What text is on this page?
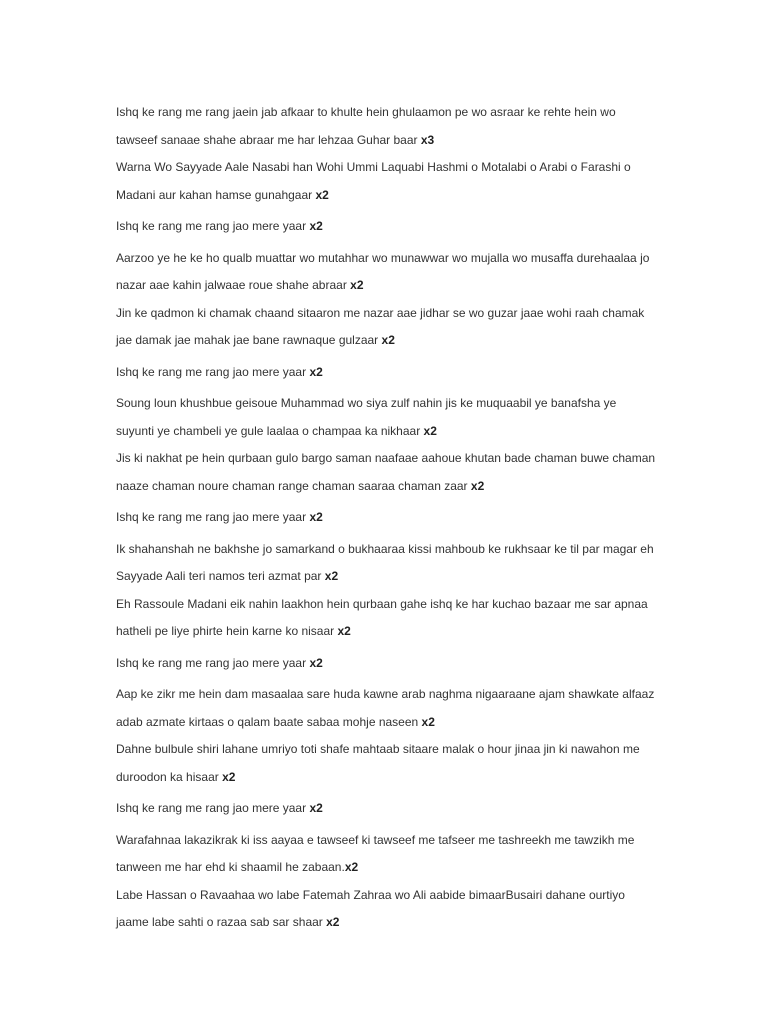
Ishq ke rang me rang jaein jab afkaar to khulte hein ghulaamon pe wo asraar ke rehte hein wo tawseef sanaae shahe abraar me har lehzaa Guhar baar x3

Warna Wo Sayyade Aale Nasabi han Wohi Ummi Laquabi Hashmi o Motalabi o Arabi o Farashi o Madani aur kahan hamse gunahgaar x2

Ishq ke rang me rang jao mere yaar x2

Aarzoo ye he ke ho qualb muattar wo mutahhar wo munawwar wo mujalla wo musaffa durehaalaa jo nazar aae kahin jalwaae roue shahe abraar x2

Jin ke qadmon ki chamak chaand sitaaron me nazar aae jidhar se wo guzar jaae wohi raah chamak jae damak jae mahak jae bane rawnaque gulzaar x2

Ishq ke rang me rang jao mere yaar x2

Soung loun khushbue geisoue Muhammad wo siya zulf nahin jis ke muquaabil ye banafsha ye suyunti ye chambeli ye gule laalaa o champaa ka nikhaar x2

Jis ki nakhat pe hein qurbaan gulo bargo saman naafaae aahoue khutan bade chaman buwe chaman naaze chaman noure chaman range chaman saaraa chaman zaar x2

Ishq ke rang me rang jao mere yaar x2

Ik shahanshah ne bakhshe jo samarkand o bukhaaraa kissi mahboub ke rukhsaar ke til par magar eh Sayyade Aali teri namos teri azmat par x2

Eh Rassoule Madani eik nahin laakhon hein qurbaan gahe ishq ke har kuchao bazaar me sar apnaa hatheli pe liye phirte hein karne ko nisaar x2

Ishq ke rang me rang jao mere yaar x2

Aap ke zikr me hein dam masaalaa sare huda kawne arab naghma nigaaraane ajam shawkate alfaaz adab azmate kirtaas o qalam baate sabaa mohje naseen x2

Dahne bulbule shiri lahane umriyo toti shafe mahtaab sitaare malak o hour jinaa jin ki nawahon me duroodon ka hisaar x2

Ishq ke rang me rang jao mere yaar x2

Warafahnaa lakazikrak ki iss aayaa e tawseef ki tawseef me tafseer me tashreekh me tawzikh me tanween me har ehd ki shaamil he zabaan.x2

Labe Hassan o Ravaahaa wo labe Fatemah Zahraa wo Ali aabide bimaarBusairi dahane ourtiyo jaame labe sahti o razaa sab sar shaar x2
